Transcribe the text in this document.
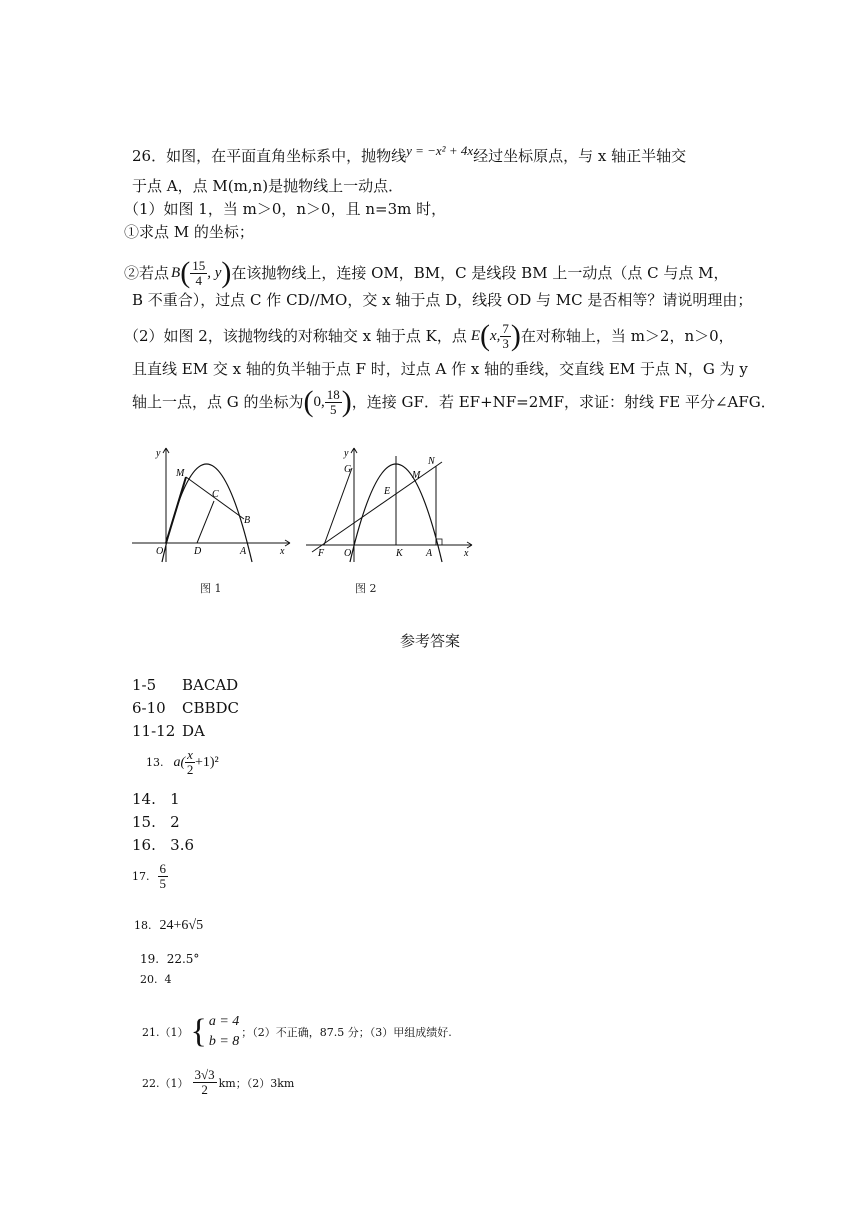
26．如图，在平面直角坐标系中，抛物线y = −x² + 4x经过坐标原点，与 x 轴正半轴交
于点 A，点 M(m,n)是抛物线上一动点．
（1）如图 1，当 m＞0，n＞0，且 n=3m 时，
①求点 M 的坐标；
②若点 B ( $\frac{15}{4}$ , y ) 在该抛物线上，连接 OM，BM，C 是线段 BM 上一动点（点 C 与点 M，
B 不重合），过点 C 作 CD//MO，交 x 轴于点 D，线段 OD 与 MC 是否相等？请说明理由；
（2）如图 2，该抛物线的对称轴交 x 轴于点 K，点 E ( x, $\frac{7}{3}$ ) 在对称轴上，当 m＞2，n＞0，
且直线 EM 交 x 轴的负半轴于点 F 时，过点 A 作 x 轴的垂线，交直线 EM 于点 N，G 为 y
轴上一点，点 G 的坐标为 ( 0, $\frac{18}{5}$ ) ，连接 GF．若 EF+NF=2MF，求证：射线 FE 平分∠AFG．
y
x
M
C
B
O	D	A
图 1
y
G
N
M
E
x
F O	K A
图 2
参考答案
1-5 BACAD
6-10 CBBDC
11-12 DA
13. $a( \frac{x}{2} +1)^2$
14.   1
15.   2
16.   3.6
17. $\frac{6}{5}$
18. 24+6√5
19.  22.5°
20.  4
21.（1） { a = 4
b = 8
；（2）不正确，87.5 分；（3）甲组成绩好.
$22.(1) \frac{3√3}{2}$ km；（2）3km
